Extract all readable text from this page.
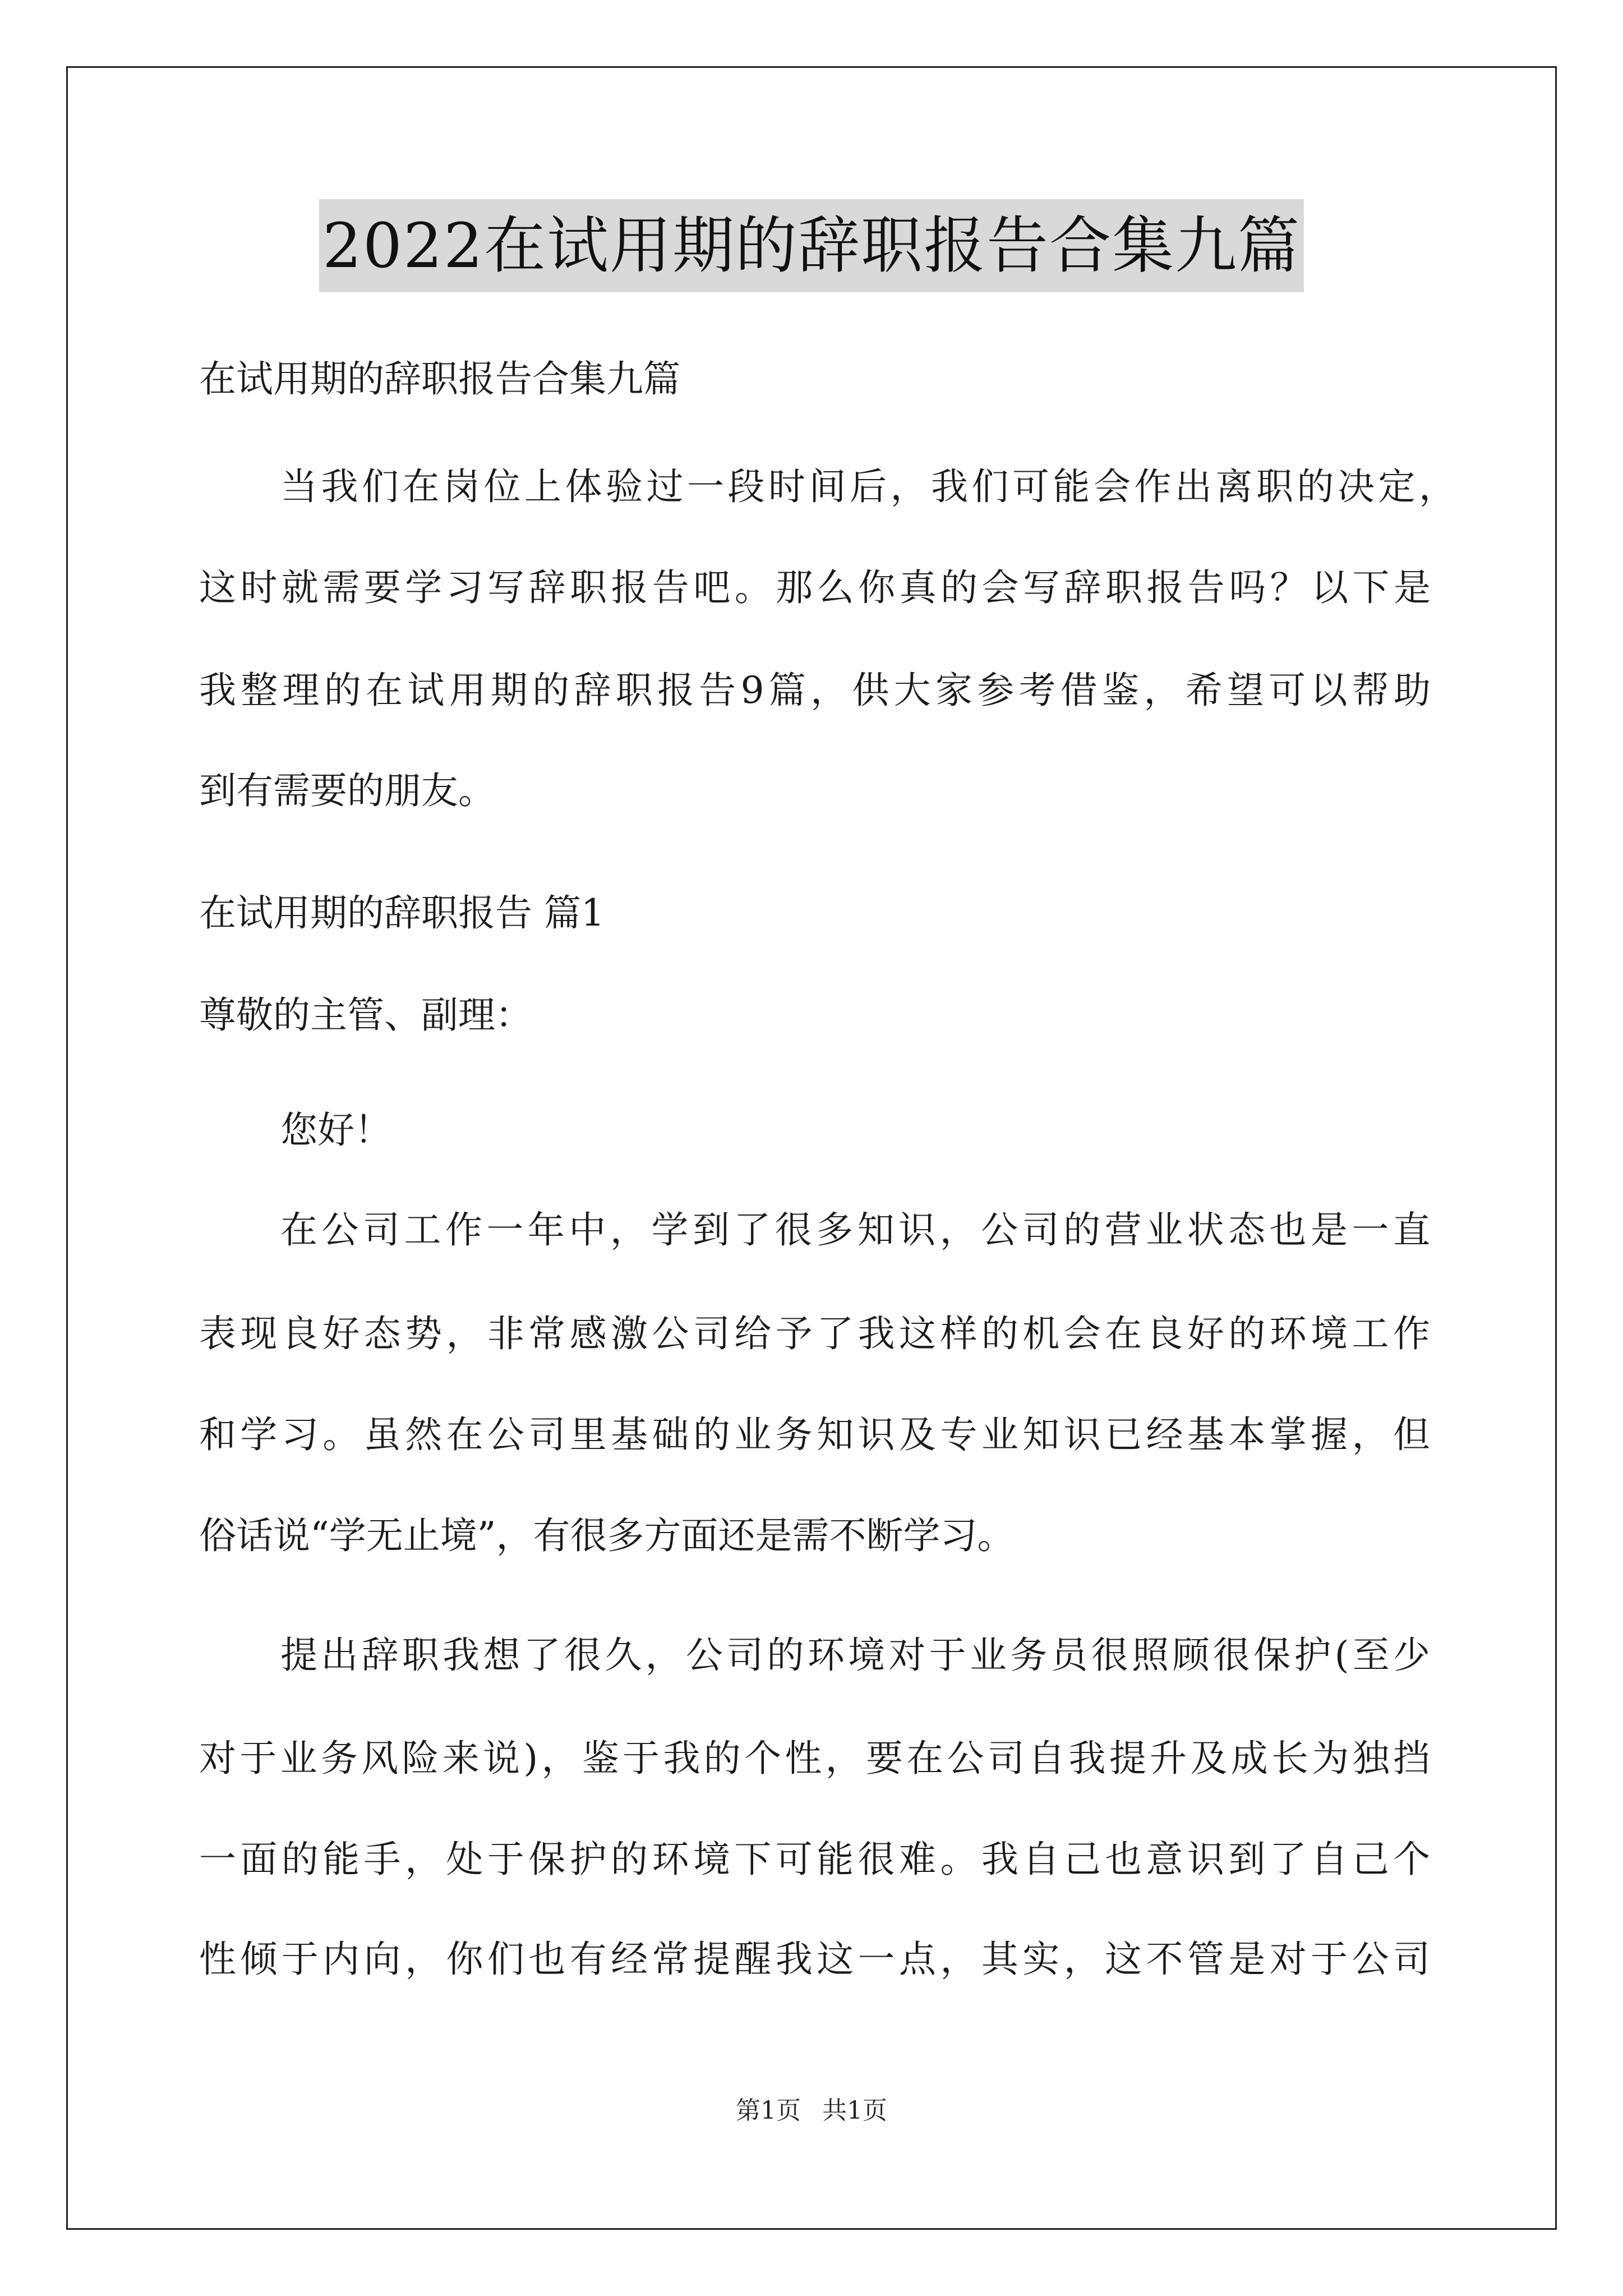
2022在试用期的辞职报告合集九篇
在试用期的辞职报告合集九篇
当我们在岗位上体验过一段时间后，我们可能会作出离职的决定，
这时就需要学习写辞职报告吧。那么你真的会写辞职报告吗？以下是
我整理的在试用期的辞职报告9篇，供大家参考借鉴，希望可以帮助
到有需要的朋友。
在试用期的辞职报告 篇1
尊敬的主管、副理：
您好！
在公司工作一年中，学到了很多知识，公司的营业状态也是一直
表现良好态势，非常感激公司给予了我这样的机会在良好的环境工作
和学习。虽然在公司里基础的业务知识及专业知识已经基本掌握，但
俗话说“学无止境”，有很多方面还是需不断学习。
提出辞职我想了很久，公司的环境对于业务员很照顾很保护(至少
对于业务风险来说)，鉴于我的个性，要在公司自我提升及成长为独挡
一面的能手，处于保护的环境下可能很难。我自己也意识到了自己个
性倾于内向，你们也有经常提醒我这一点，其实，这不管是对于公司
第1页 共1页
